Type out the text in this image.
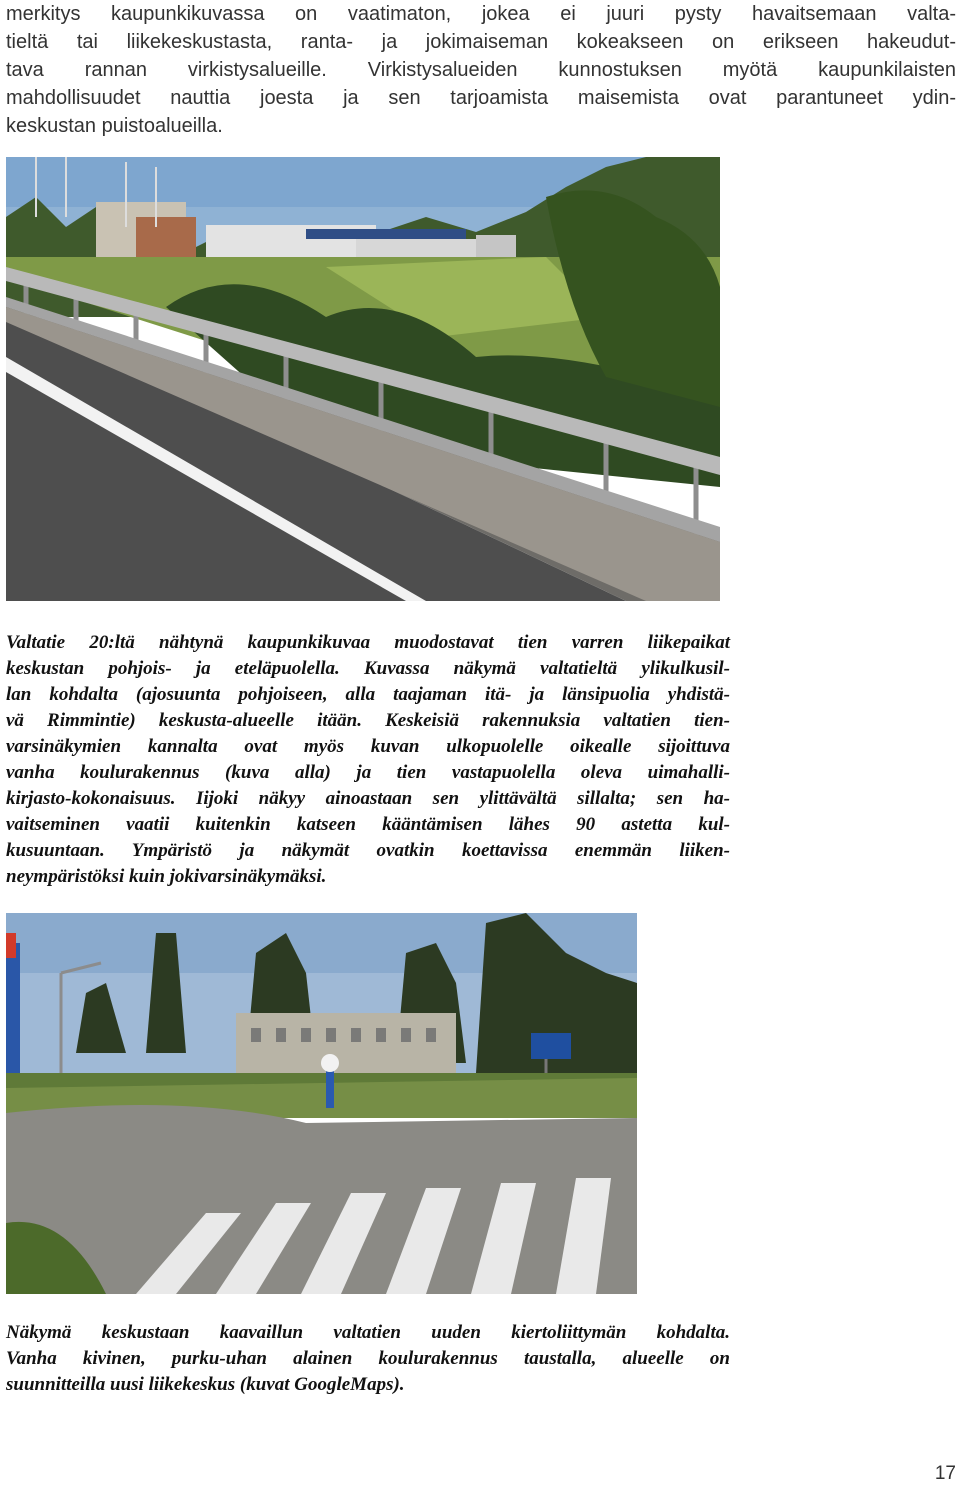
merkitys kaupunkikuvassa on vaatimaton, jokea ei juuri pysty havaitsemaan valta-
tieltä tai liikekeskustasta, ranta- ja jokimaiseman kokeakseen on erikseen hakeudut-
tava rannan virkistysalueille. Virkistysalueiden kunnostuksen myötä kaupunkilaisten
mahdollisuudet nauttia joesta ja sen tarjoamista maisemista ovat parantuneet ydin-
keskustan puistoalueilla.
Valtatie 20:ltä nähtynä kaupunkikuvaa muodostavat tien varren liikepaikat
keskustan pohjois- ja eteläpuolella. Kuvassa näkymä valtatieltä ylikulkusil-
lan kohdalta (ajosuunta pohjoiseen, alla taajaman itä- ja länsipuolia yhdistä-
vä Rimmintie) keskusta-alueelle itään. Keskeisiä rakennuksia valtatien tien-
varsinäkymien kannalta ovat myös kuvan ulkopuolelle oikealle sijoittuva
vanha koulurakennus (kuva alla) ja tien vastapuolella oleva uimahalli-
kirjasto-kokonaisuus. Iijoki näkyy ainoastaan sen ylittävältä sillalta; sen ha-
vaitseminen vaatii kuitenkin katseen kääntämisen lähes 90 astetta kul-
kusuuntaan. Ympäristö ja näkymät ovatkin koettavissa enemmän liiken-
neympäristöksi kuin jokivarsinäkymäksi.
Näkymä keskustaan kaavaillun valtatien uuden kiertoliittymän kohdalta.
Vanha kivinen, purku-uhan alainen koulurakennus taustalla, alueelle on
suunnitteilla uusi liikekeskus (kuvat GoogleMaps).
17
